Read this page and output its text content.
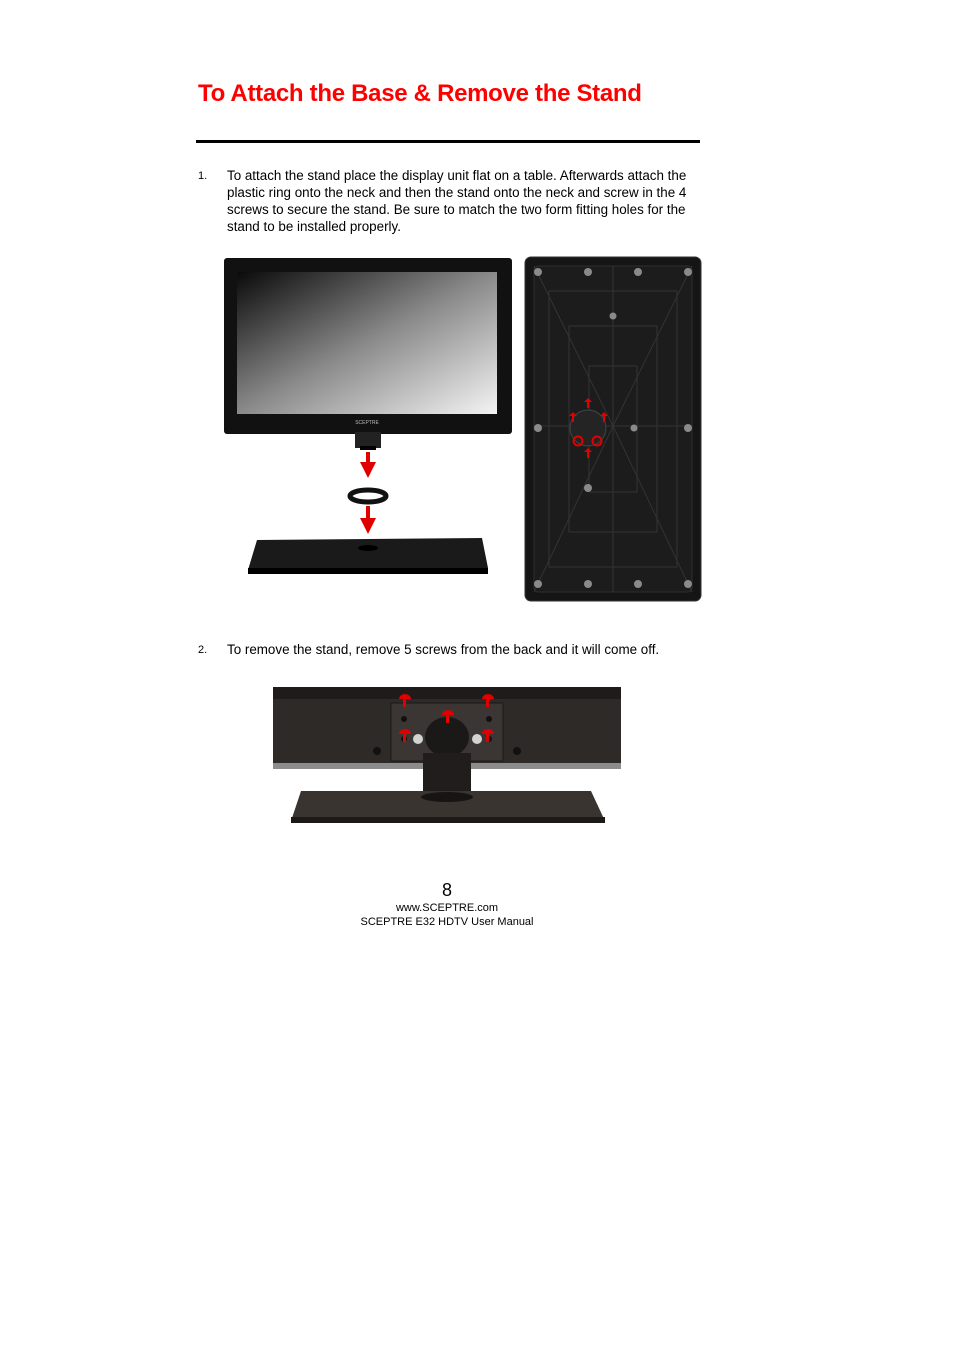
To Attach the Base & Remove the Stand
1. To attach the stand place the display unit flat on a table. Afterwards attach the plastic ring onto the neck and then the stand onto the neck and screw in the 4 screws to secure the stand. Be sure to match the two form fitting holes for the stand to be installed properly.
SCEPTRE
2. To remove the stand, remove 5 screws from the back and it will come off.
8
www.SCEPTRE.com
SCEPTRE E32 HDTV User Manual
